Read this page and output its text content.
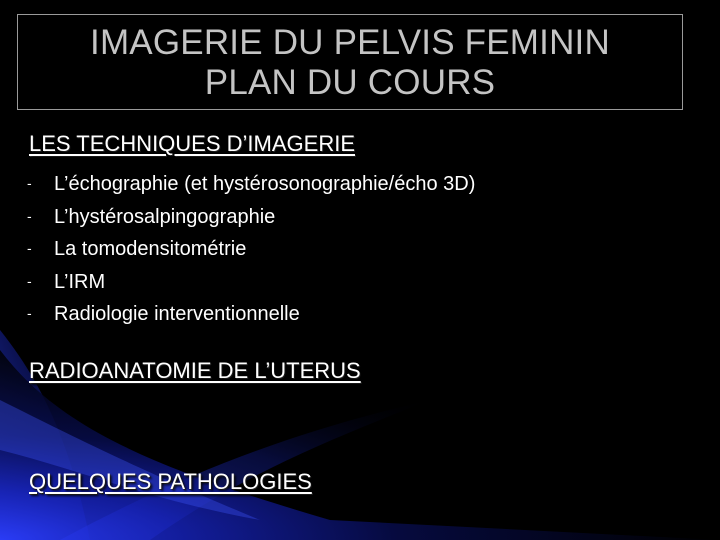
IMAGERIE DU PELVIS FEMININ
PLAN DU COURS
LES TECHNIQUES D’IMAGERIE
- L’échographie (et hystérosonographie/écho 3D)
- L’hystérosalpingographie
- La tomodensitométrie
- L’IRM
- Radiologie interventionnelle
RADIOANATOMIE DE L’UTERUS
QUELQUES PATHOLOGIES
